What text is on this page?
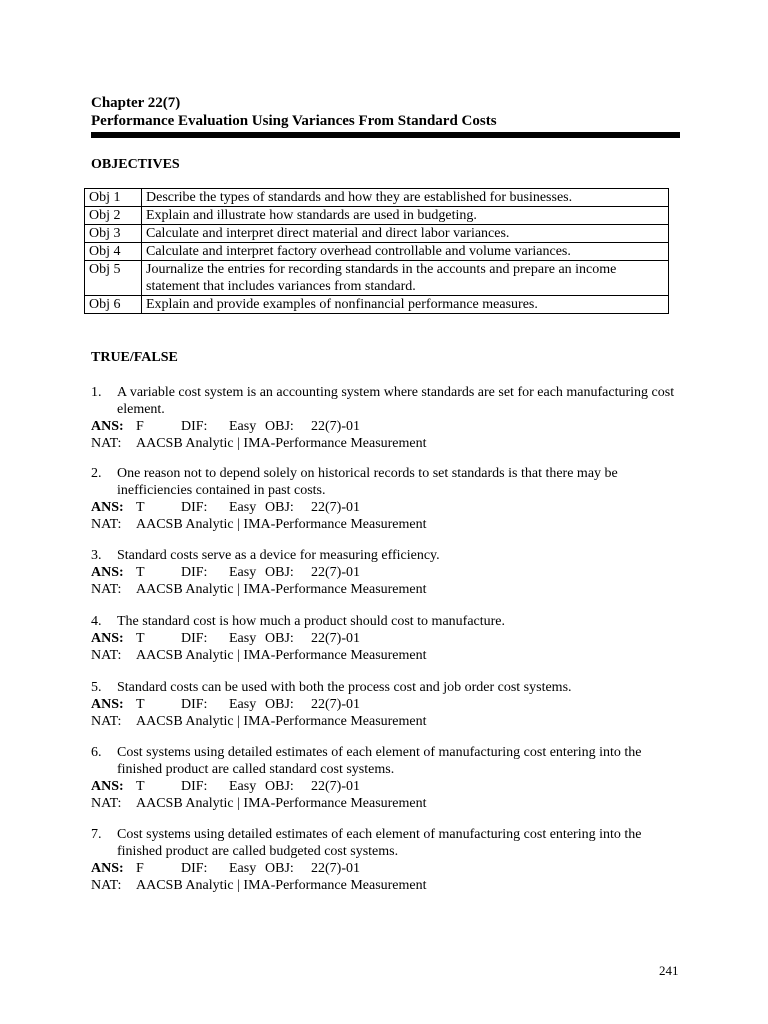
Chapter 22(7)
Performance Evaluation Using Variances From Standard Costs
OBJECTIVES
Obj 1	Describe the types of standards and how they are established for businesses.
Obj 2	Explain and illustrate how standards are used in budgeting.
Obj 3	Calculate and interpret direct material and direct labor variances.
Obj 4	Calculate and interpret factory overhead controllable and volume variances.
Obj 5	Journalize the entries for recording standards in the accounts and prepare an income statement that includes variances from standard.
Obj 6	Explain and provide examples of nonfinancial performance measures.
TRUE/FALSE
1.	A variable cost system is an accounting system where standards are set for each manufacturing cost element.
ANS: F	DIF:	Easy OBJ:	22(7)-01
NAT:	AACSB Analytic | IMA-Performance Measurement
2.	One reason not to depend solely on historical records to set standards is that there may be inefficiencies contained in past costs.
ANS: T	DIF:	Easy OBJ:	22(7)-01
NAT:	AACSB Analytic | IMA-Performance Measurement
3.	Standard costs serve as a device for measuring efficiency.
ANS: T	DIF:	Easy OBJ:	22(7)-01
NAT:	AACSB Analytic | IMA-Performance Measurement
4.	The standard cost is how much a product should cost to manufacture.
ANS: T	DIF:	Easy OBJ:	22(7)-01
NAT:	AACSB Analytic | IMA-Performance Measurement
5.	Standard costs can be used with both the process cost and job order cost systems.
ANS: T	DIF:	Easy OBJ:	22(7)-01
NAT:	AACSB Analytic | IMA-Performance Measurement
6.	Cost systems using detailed estimates of each element of manufacturing cost entering into the finished product are called standard cost systems.
ANS: T	DIF:	Easy OBJ:	22(7)-01
NAT:	AACSB Analytic | IMA-Performance Measurement
7.	Cost systems using detailed estimates of each element of manufacturing cost entering into the finished product are called budgeted cost systems.
ANS: F	DIF:	Easy OBJ:	22(7)-01
NAT:	AACSB Analytic | IMA-Performance Measurement
241
